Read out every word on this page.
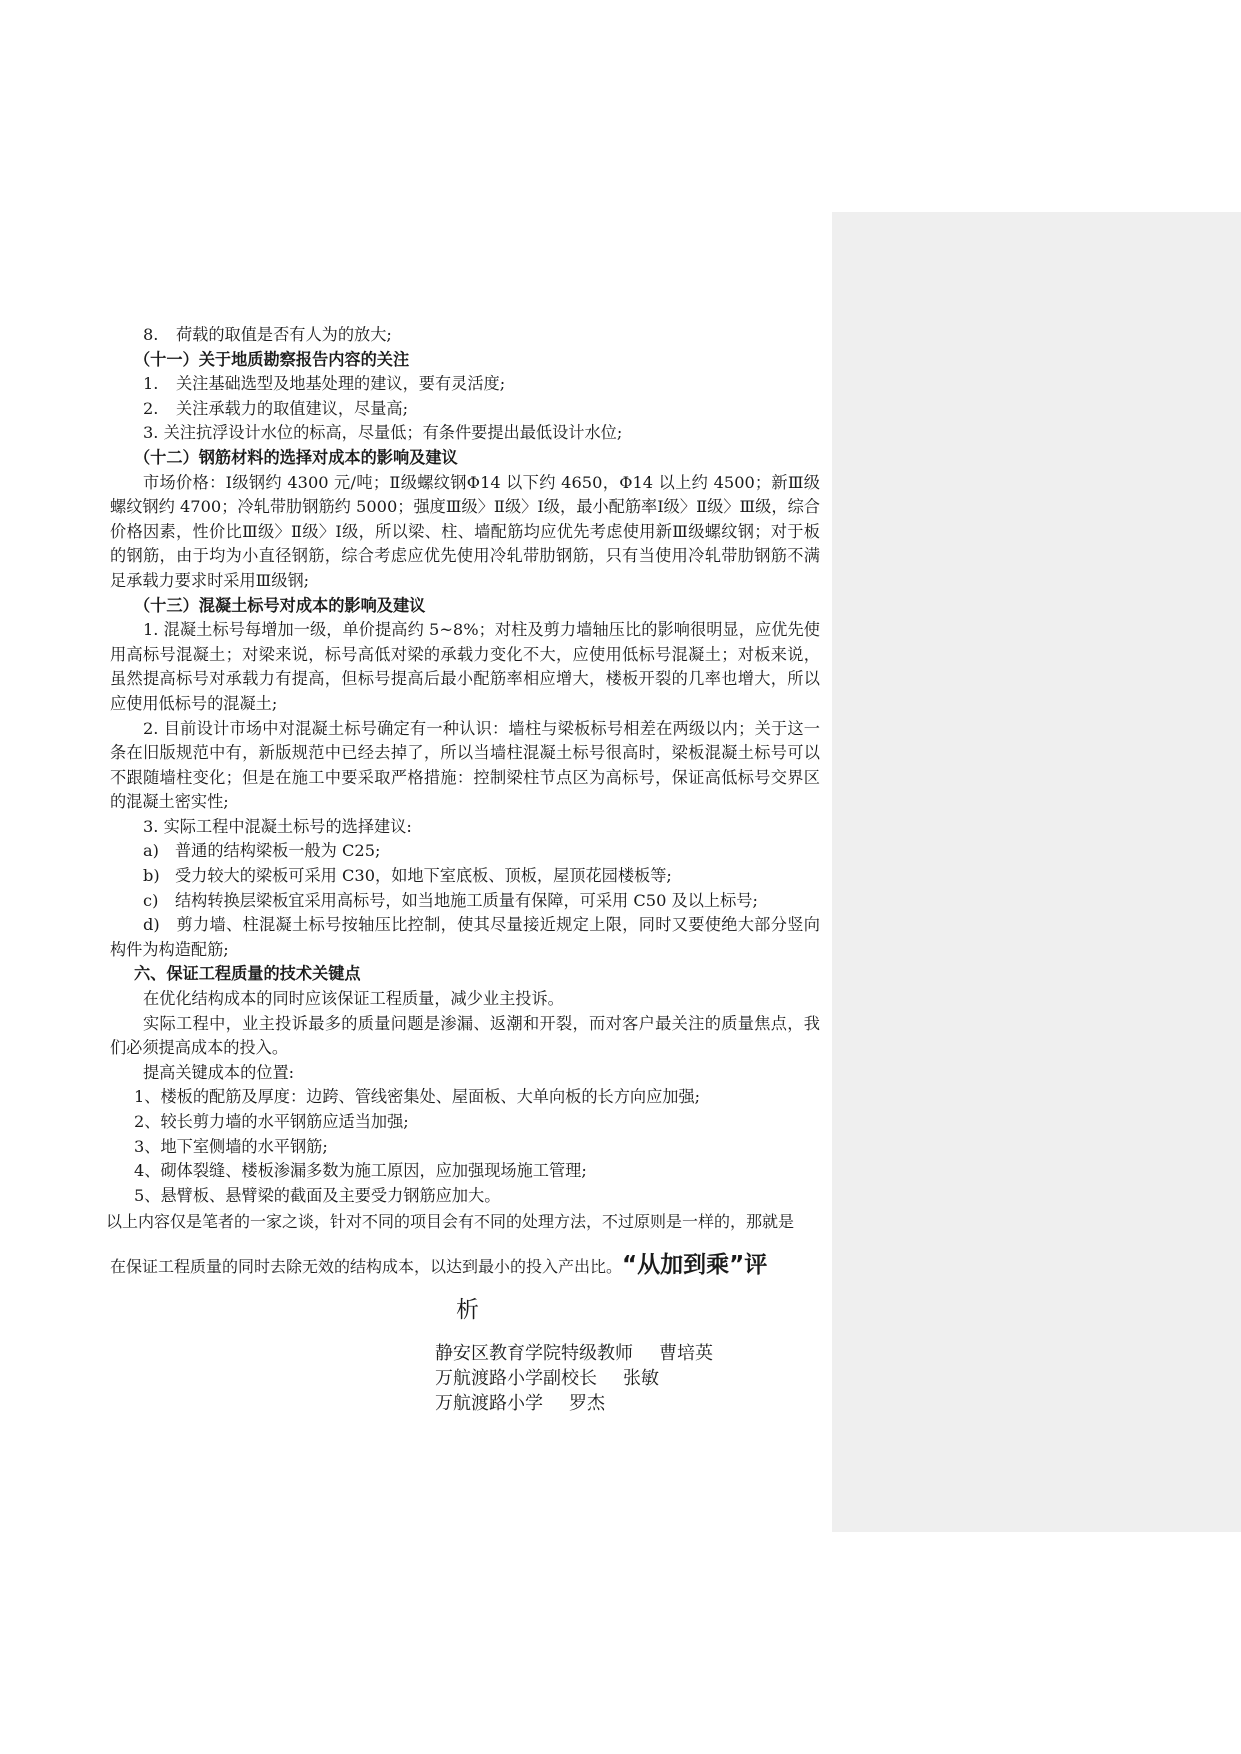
8. 荷载的取值是否有人为的放大;

（十一）关于地质勘察报告内容的关注

1. 关注基础选型及地基处理的建议，要有灵活度;

2. 关注承载力的取值建议，尽量高;

3. 关注抗浮设计水位的标高，尽量低；有条件要提出最低设计水位;

（十二）钢筋材料的选择对成本的影响及建议

市场价格：Ⅰ级钢约 4300 元/吨；Ⅱ级螺纹钢Φ14 以下约 4650，Φ14 以上约 4500；新Ⅲ级螺纹钢约 4700；冷轧带肋钢筋约 5000；强度Ⅲ级〉Ⅱ级〉Ⅰ级，最小配筋率Ⅰ级〉Ⅱ级〉Ⅲ级，综合价格因素，性价比Ⅲ级〉Ⅱ级〉Ⅰ级，所以梁、柱、墙配筋均应优先考虑使用新Ⅲ级螺纹钢；对于板的钢筋，由于均为小直径钢筋，综合考虑应优先使用冷轧带肋钢筋，只有当使用冷轧带肋钢筋不满足承载力要求时采用Ⅲ级钢;

（十三）混凝土标号对成本的影响及建议

1. 混凝土标号每增加一级，单价提高约 5~8%；对柱及剪力墙轴压比的影响很明显，应优先使用高标号混凝土；对梁来说，标号高低对梁的承载力变化不大，应使用低标号混凝土；对板来说，虽然提高标号对承载力有提高，但标号提高后最小配筋率相应增大，楼板开裂的几率也增大，所以应使用低标号的混凝土;

2. 目前设计市场中对混凝土标号确定有一种认识：墙柱与梁板标号相差在两级以内；关于这一条在旧版规范中有，新版规范中已经去掉了，所以当墙柱混凝土标号很高时，梁板混凝土标号可以不跟随墙柱变化；但是在施工中要采取严格措施：控制梁柱节点区为高标号，保证高低标号交界区的混凝土密实性;

3. 实际工程中混凝土标号的选择建议:

a) 普通的结构梁板一般为 C25;

b) 受力较大的梁板可采用 C30，如地下室底板、顶板，屋顶花园楼板等;

c) 结构转换层梁板宜采用高标号，如当地施工质量有保障，可采用 C50 及以上标号;

d)　剪力墙、柱混凝土标号按轴压比控制，使其尽量接近规定上限，同时又要使绝大部分竖向构件为构造配筋;

六、保证工程质量的技术关键点

在优化结构成本的同时应该保证工程质量，减少业主投诉。

实际工程中，业主投诉最多的质量问题是渗漏、返潮和开裂，而对客户最关注的质量焦点，我们必须提高成本的投入。

提高关键成本的位置:

1、楼板的配筋及厚度：边跨、管线密集处、屋面板、大单向板的长方向应加强;

2、较长剪力墙的水平钢筋应适当加强;

3、地下室侧墙的水平钢筋;

4、砌体裂缝、楼板渗漏多数为施工原因，应加强现场施工管理;

5、悬臂板、悬臂梁的截面及主要受力钢筋应加大。

以上内容仅是笔者的一家之谈，针对不同的项目会有不同的处理方法，不过原则是一样的，那就是

在保证工程质量的同时去除无效的结构成本，以达到最小的投入产出比。“从加到乘”评

析

静安区教育学院特级教师 曹培英
万航渡路小学副校长 张敏
万航渡路小学 罗杰
